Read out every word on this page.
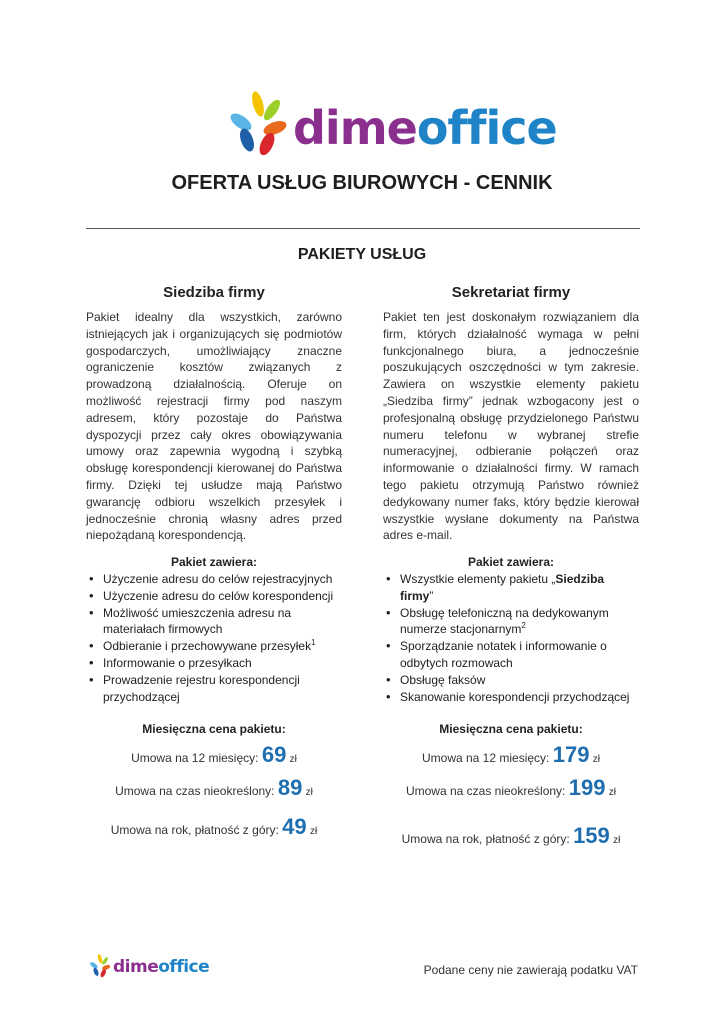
dimeoffice
OFERTA USŁUG BIUROWYCH - CENNIK
PAKIETY USŁUG
Siedziba firmy

Pakiet idealny dla wszystkich, zarówno istniejących jak i organizujących się podmiotów gospodarczych, umożliwiający znaczne ograniczenie kosztów związanych z prowadzoną działalnością. Oferuje on możliwość rejestracji firmy pod naszym adresem, który pozostaje do Państwa dyspozycji przez cały okres obowiązywania umowy oraz zapewnia wygodną i szybką obsługę korespondencji kierowanej do Państwa firmy. Dzięki tej usłudze mają Państwo gwarancję odbioru wszelkich przesyłek i jednocześnie chronią własny adres przed niepożądaną korespondencją.

Pakiet zawiera:

• Użyczenie adresu do celów rejestracyjnych
• Użyczenie adresu do celów korespondencji
• Możliwość umieszczenia adresu na materiałach firmowych
• Odbieranie i przechowywane przesyłek$^1$
• Informowanie o przesyłkach
• Prowadzenie rejestru korespondencji przychodzącej

Miesięczna cena pakietu:

Umowa na 12 miesięcy: 69 zł
Umowa na czas nieokreślony: 89 zł
Umowa na rok, płatność z góry: 49 zł
Sekretariat firmy

Pakiet ten jest doskonałym rozwiązaniem dla firm, których działalność wymaga w pełni funkcjonalnego biura, a jednocześnie poszukujących oszczędności w tym zakresie. Zawiera on wszystkie elementy pakietu „Siedziba firmy” jednak wzbogacony jest o profesjonalną obsługę przydzielonego Państwu numeru telefonu w wybranej strefie numeracyjnej, odbieranie połączeń oraz informowanie o działalności firmy. W ramach tego pakietu otrzymują Państwo również dedykowany numer faks, który będzie kierował wszystkie wysłane dokumenty na Państwa adres e-mail.

Pakiet zawiera:

• Wszystkie elementy pakietu „Siedziba firmy”
• Obsługę telefoniczną na dedykowanym numerze stacjonarnym$^2$
• Sporządzanie notatek i informowanie o odbytych rozmowach
• Obsługę faksów
• Skanowanie korespondencji przychodzącej

Miesięczna cena pakietu:

Umowa na 12 miesięcy: 179 zł
Umowa na czas nieokreślony: 199 zł
Umowa na rok, płatność z góry: 159 zł
dimeoffice	Podane ceny nie zawierają podatku VAT
